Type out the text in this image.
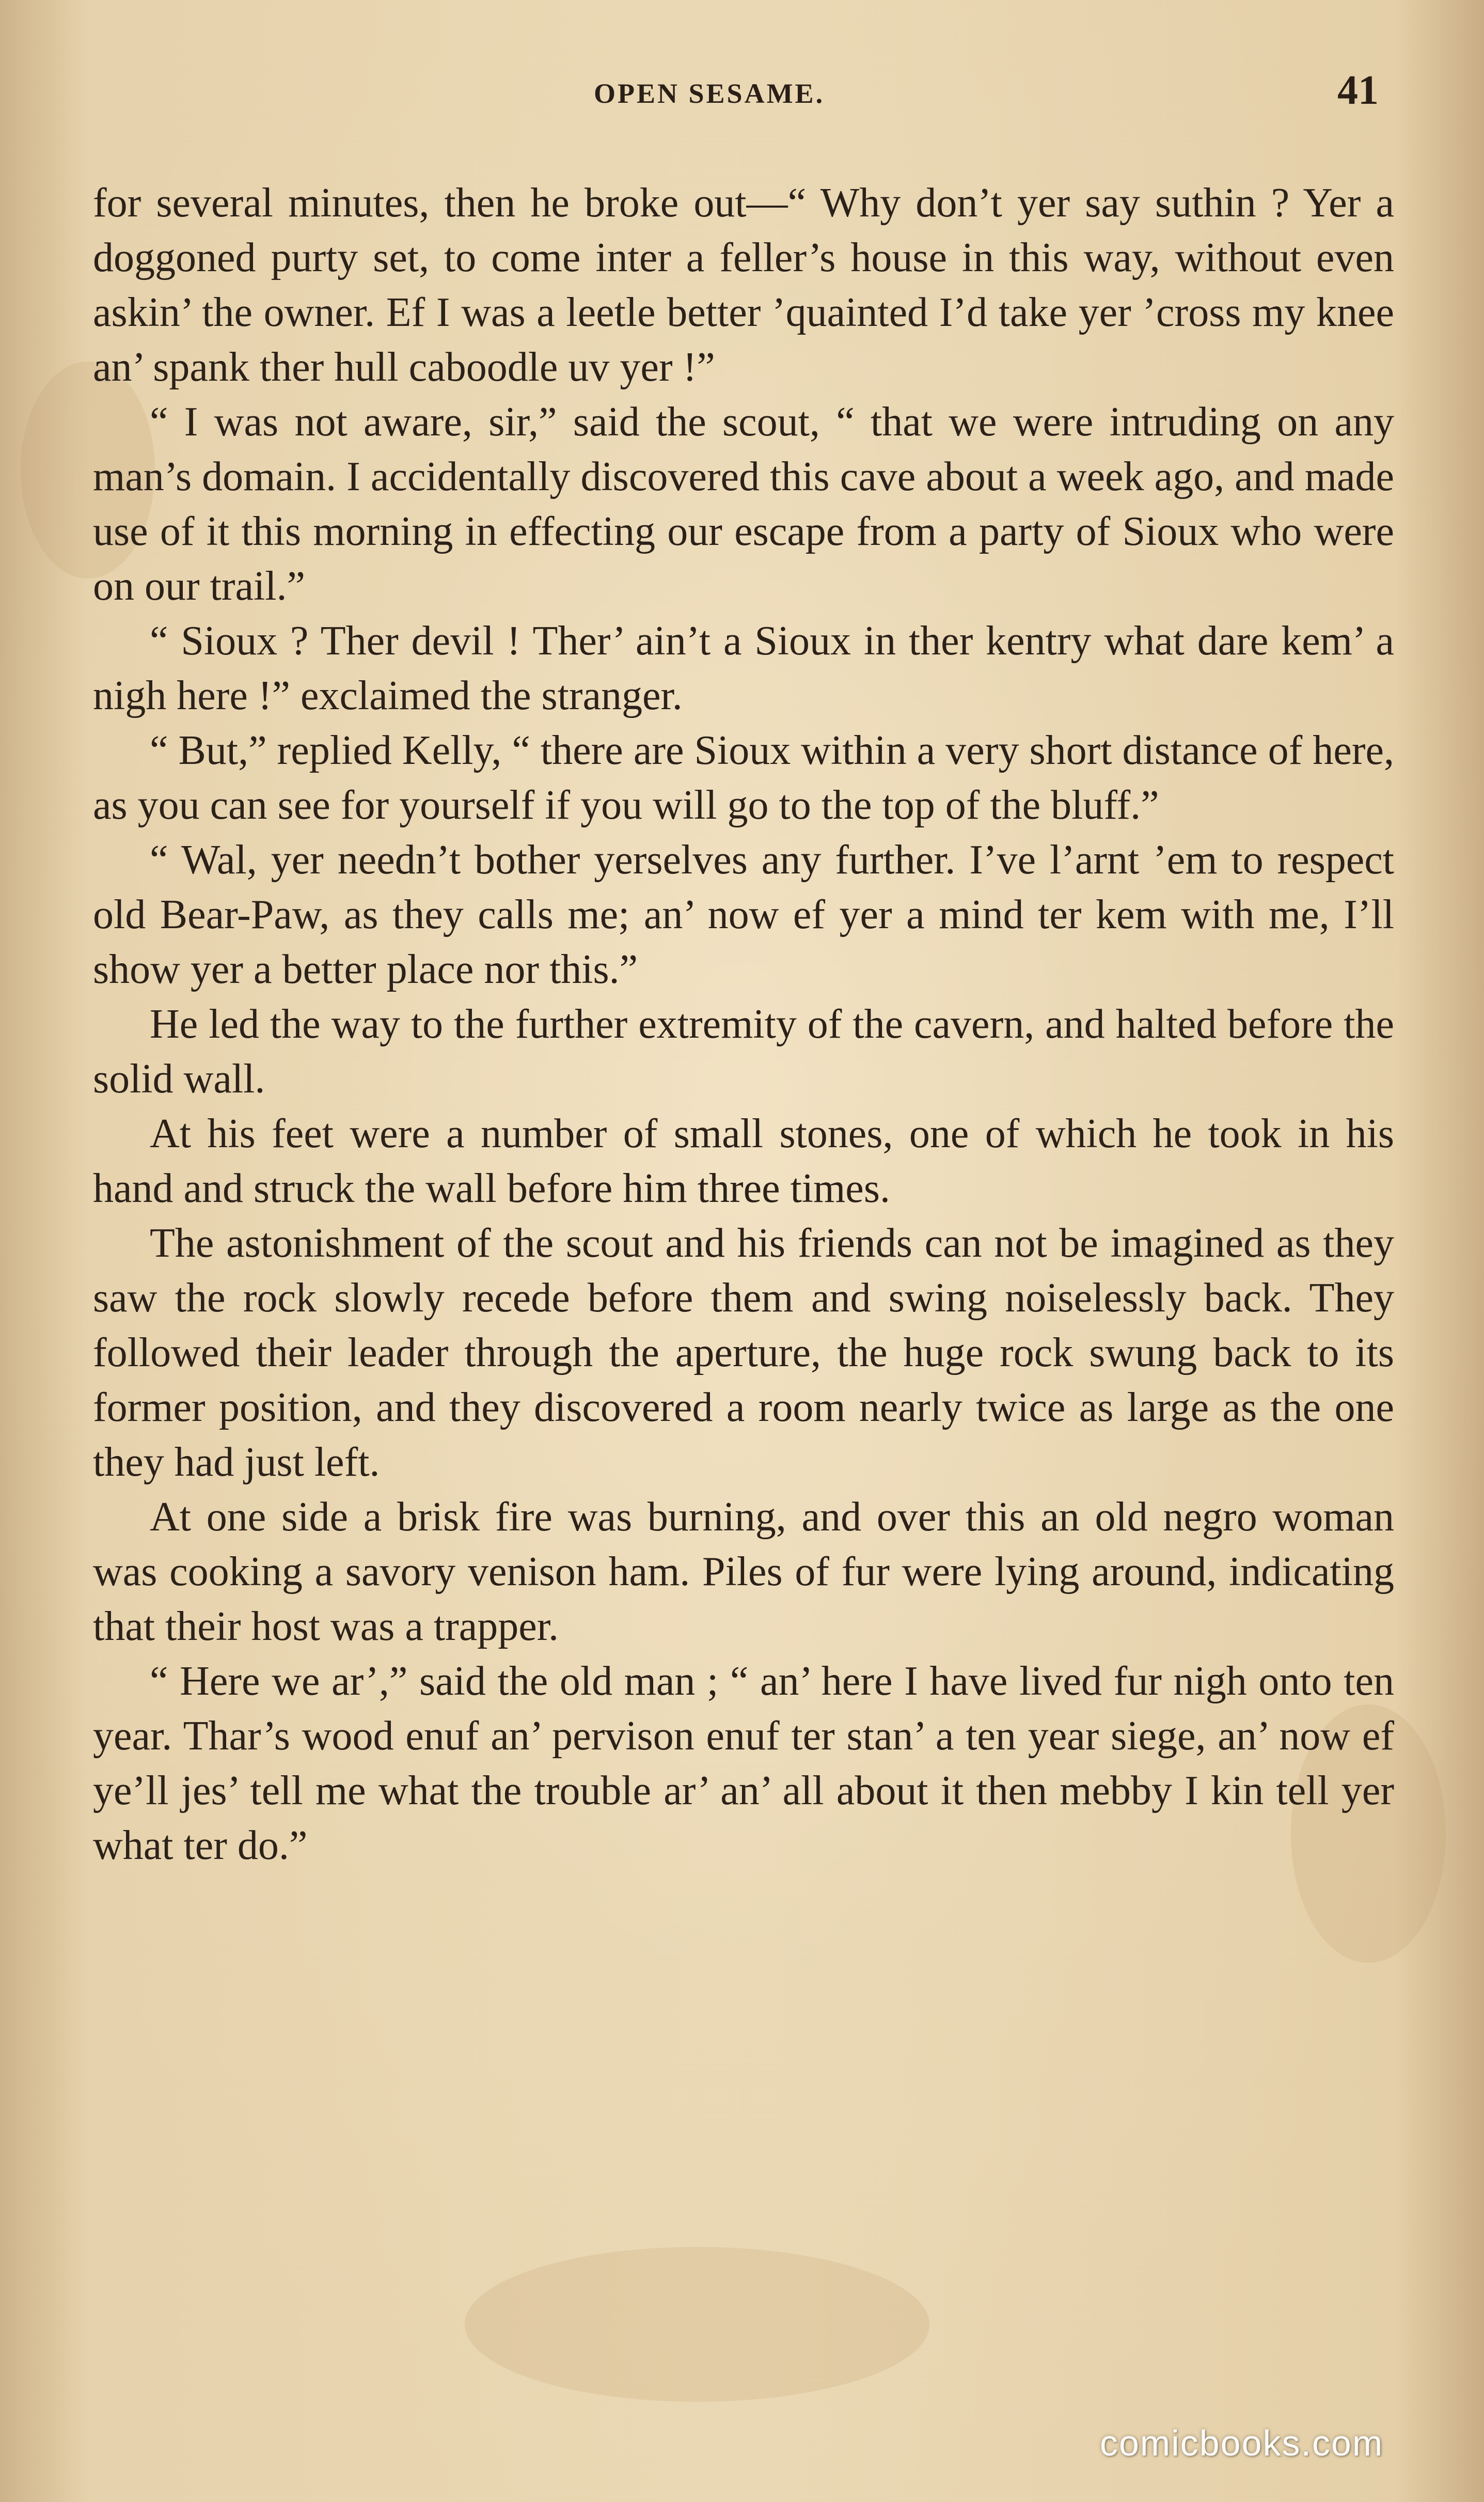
OPEN SESAME.	41

for several minutes, then he broke out—“ Why don’t yer say suthin ? Yer a doggoned purty set, to come inter a feller’s house in this way, without even askin’ the owner. Ef I was a leetle better ’quainted I’d take yer ’cross my knee an’ spank ther hull caboodle uv yer !”

“ I was not aware, sir,” said the scout, “ that we were intruding on any man’s domain. I accidentally discovered this cave about a week ago, and made use of it this morning in effecting our escape from a party of Sioux who were on our trail.”

“ Sioux ? Ther devil ! Ther’ ain’t a Sioux in ther kentry what dare kem’ a nigh here !” exclaimed the stranger.

“ But,” replied Kelly, “ there are Sioux within a very short distance of here, as you can see for yourself if you will go to the top of the bluff.”

“ Wal, yer needn’t bother yerselves any further. I’ve l’arnt ’em to respect old Bear-Paw, as they calls me; an’ now ef yer a mind ter kem with me, I’ll show yer a better place nor this.”

He led the way to the further extremity of the cavern, and halted before the solid wall.

At his feet were a number of small stones, one of which he took in his hand and struck the wall before him three times.

The astonishment of the scout and his friends can not be imagined as they saw the rock slowly recede before them and swing noiselessly back. They followed their leader through the aperture, the huge rock swung back to its former position, and they discovered a room nearly twice as large as the one they had just left.

At one side a brisk fire was burning, and over this an old negro woman was cooking a savory venison ham. Piles of fur were lying around, indicating that their host was a trapper.

“ Here we ar’,” said the old man ; “ an’ here I have lived fur nigh onto ten year. Thar’s wood enuf an’ pervison enuf ter stan’ a ten year siege, an’ now ef ye’ll jes’ tell me what the trouble ar’ an’ all about it then mebby I kin tell yer what ter do.”

comicbooks.com
